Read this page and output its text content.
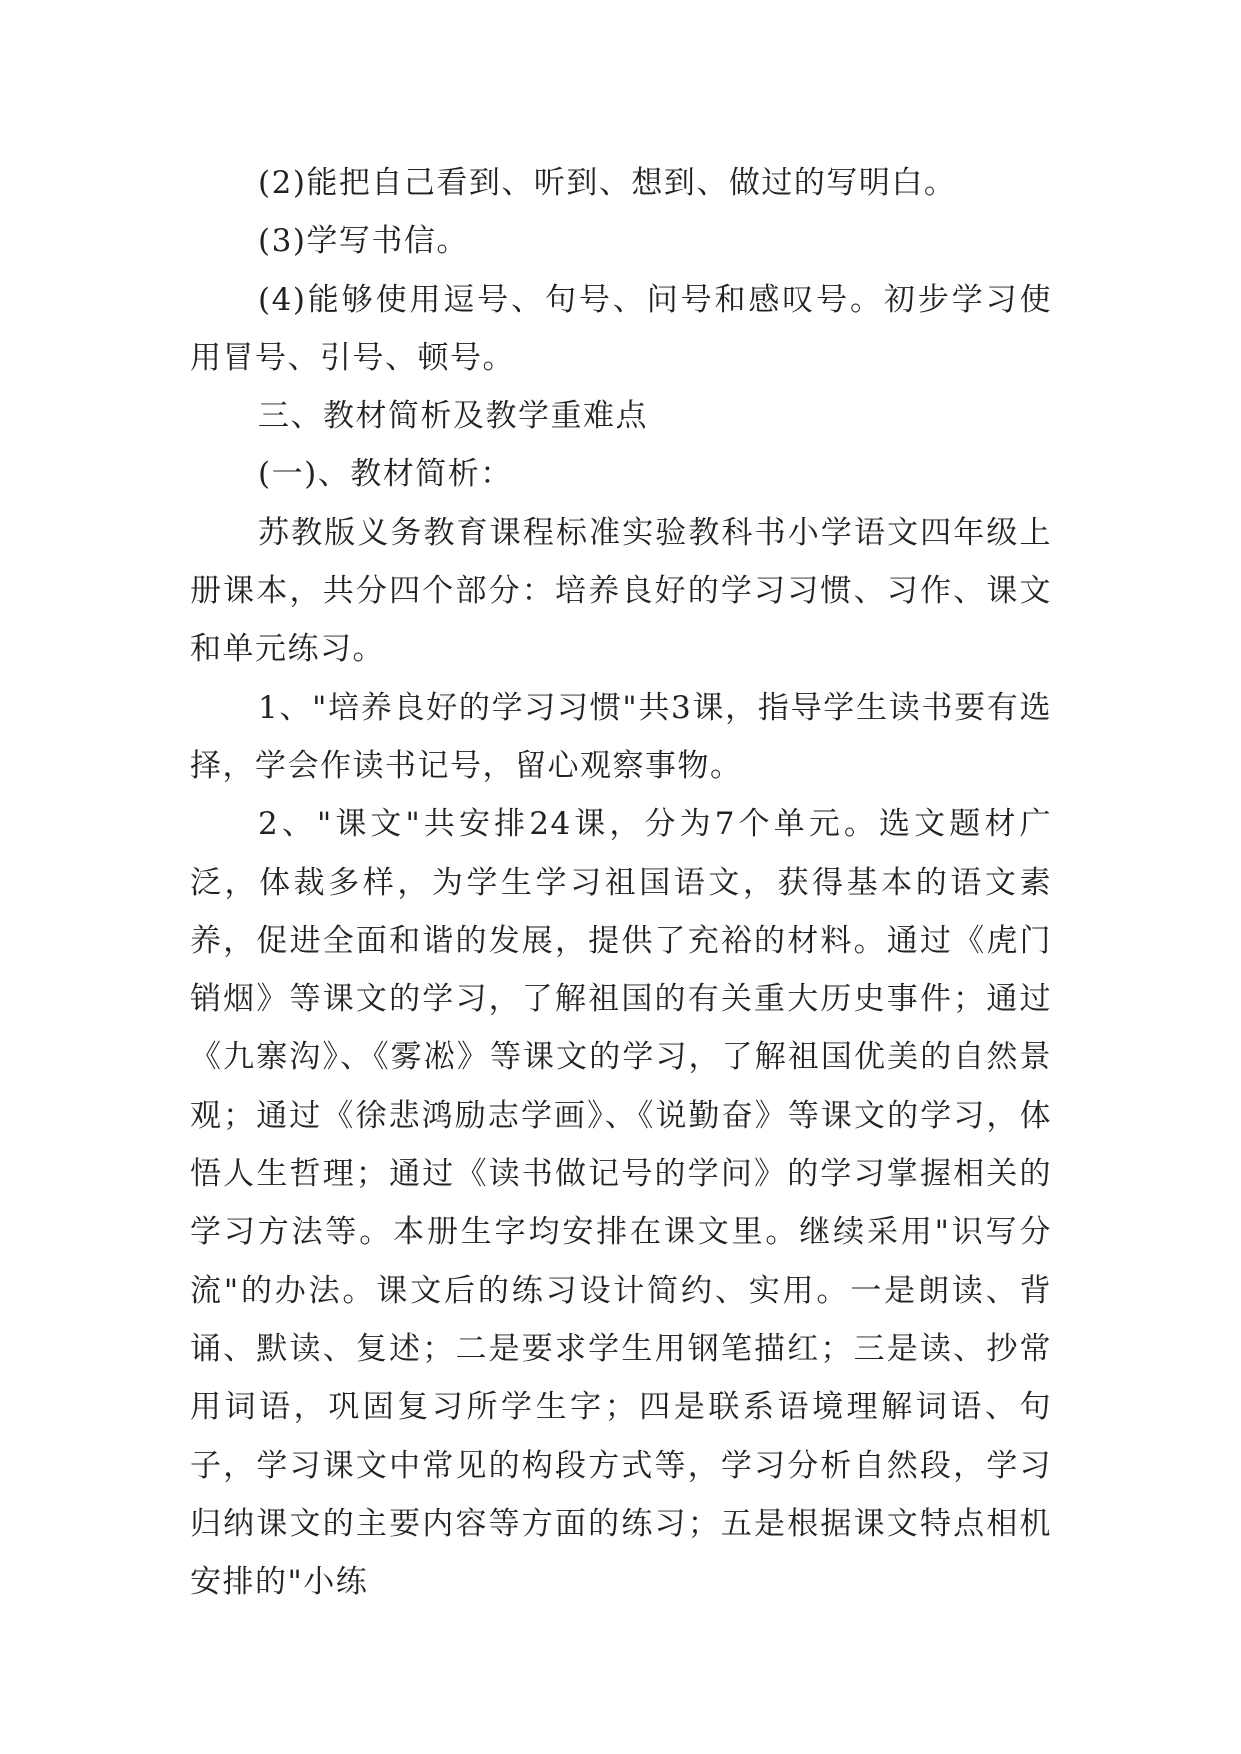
(2)能把自己看到、听到、想到、做过的写明白。

(3)学写书信。

(4)能够使用逗号、句号、问号和感叹号。初步学习使用冒号、引号、顿号。

三、教材简析及教学重难点

(一)、教材简析：

苏教版义务教育课程标准实验教科书小学语文四年级上册课本，共分四个部分：培养良好的学习习惯、习作、课文和单元练习。

1、"培养良好的学习习惯"共3课，指导学生读书要有选择，学会作读书记号，留心观察事物。

2、"课文"共安排24课，分为7个单元。选文题材广泛，体裁多样，为学生学习祖国语文，获得基本的语文素养，促进全面和谐的发展，提供了充裕的材料。通过《虎门销烟》等课文的学习，了解祖国的有关重大历史事件；通过《九寨沟》、《雾凇》等课文的学习，了解祖国优美的自然景观；通过《徐悲鸿励志学画》、《说勤奋》等课文的学习，体悟人生哲理；通过《读书做记号的学问》的学习掌握相关的学习方法等。本册生字均安排在课文里。继续采用"识写分流"的办法。课文后的练习设计简约、实用。一是朗读、背诵、默读、复述；二是要求学生用钢笔描红；三是读、抄常用词语，巩固复习所学生字；四是联系语境理解词语、句子，学习课文中常见的构段方式等，学习分析自然段，学习归纳课文的主要内容等方面的练习；五是根据课文特点相机安排的"小练
